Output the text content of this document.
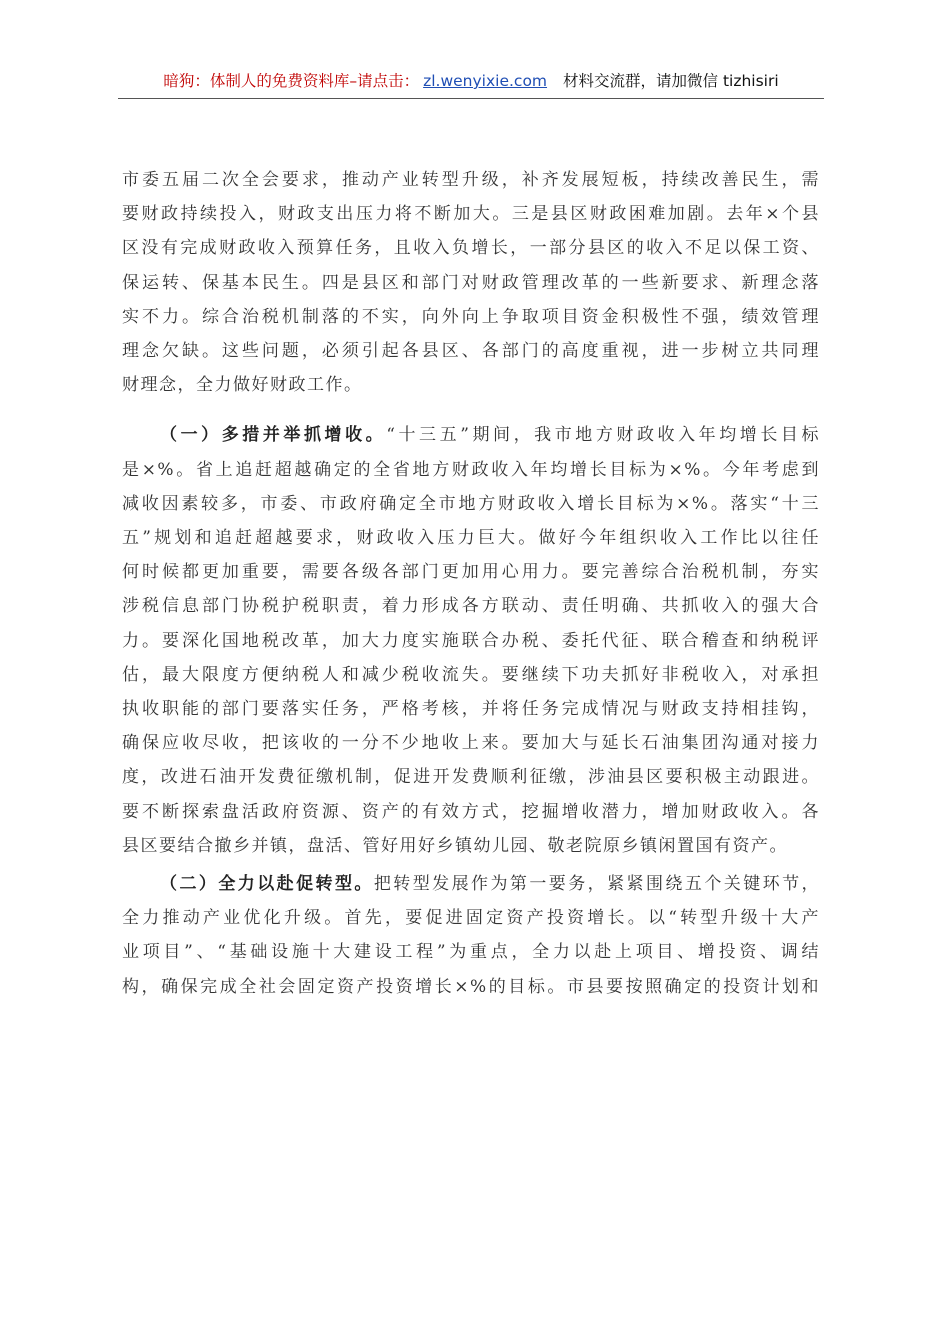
暗狗：体制人的免费资料库–请点击： zl.wenyixie.com 材料交流群，请加微信 tizhisiri

市委五届二次全会要求，推动产业转型升级，补齐发展短板，持续改善民生，需
要财政持续投入，财政支出压力将不断加大。三是县区财政困难加剧。去年×个县
区没有完成财政收入预算任务，且收入负增长，一部分县区的收入不足以保工资、
保运转、保基本民生。四是县区和部门对财政管理改革的一些新要求、新理念落
实不力。综合治税机制落的不实，向外向上争取项目资金积极性不强，绩效管理
理念欠缺。这些问题，必须引起各县区、各部门的高度重视，进一步树立共同理
财理念，全力做好财政工作。

（一）多措并举抓增收。“十三五”期间，我市地方财政收入年均增长目标
是×%。省上追赶超越确定的全省地方财政收入年均增长目标为×%。今年考虑到
减收因素较多，市委、市政府确定全市地方财政收入增长目标为×%。落实“十三
五”规划和追赶超越要求，财政收入压力巨大。做好今年组织收入工作比以往任
何时候都更加重要，需要各级各部门更加用心用力。要完善综合治税机制，夯实
涉税信息部门协税护税职责，着力形成各方联动、责任明确、共抓收入的强大合
力。要深化国地税改革，加大力度实施联合办税、委托代征、联合稽查和纳税评
估，最大限度方便纳税人和减少税收流失。要继续下功夫抓好非税收入，对承担
执收职能的部门要落实任务，严格考核，并将任务完成情况与财政支持相挂钩，
确保应收尽收，把该收的一分不少地收上来。要加大与延长石油集团沟通对接力
度，改进石油开发费征缴机制，促进开发费顺利征缴，涉油县区要积极主动跟进。
要不断探索盘活政府资源、资产的有效方式，挖掘增收潜力，增加财政收入。各
县区要结合撤乡并镇，盘活、管好用好乡镇幼儿园、敬老院原乡镇闲置国有资产。

（二）全力以赴促转型。把转型发展作为第一要务，紧紧围绕五个关键环节，
全力推动产业优化升级。首先，要促进固定资产投资增长。以“转型升级十大产
业项目”、“基础设施十大建设工程”为重点，全力以赴上项目、增投资、调结
构，确保完成全社会固定资产投资增长×%的目标。市县要按照确定的投资计划和
